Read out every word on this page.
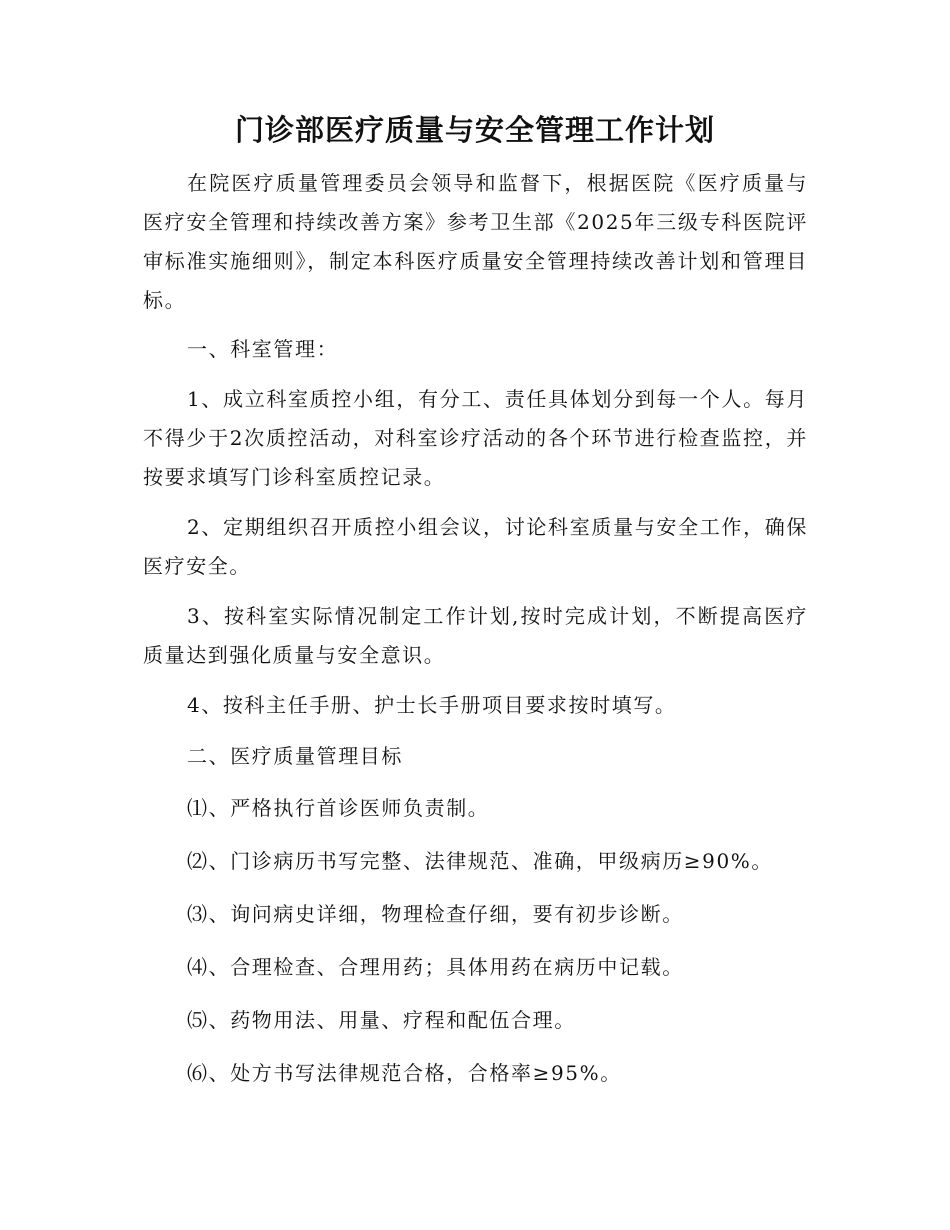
门诊部医疗质量与安全管理工作计划

在院医疗质量管理委员会领导和监督下，根据医院《医疗质量与医疗安全管理和持续改善方案》参考卫生部《2025年三级专科医院评审标准实施细则》，制定本科医疗质量安全管理持续改善计划和管理目标。

一、科室管理：

1、成立科室质控小组，有分工、责任具体划分到每一个人。每月不得少于2次质控活动，对科室诊疗活动的各个环节进行检查监控，并按要求填写门诊科室质控记录。

2、定期组织召开质控小组会议，讨论科室质量与安全工作，确保医疗安全。

3、按科室实际情况制定工作计划,按时完成计划，不断提高医疗质量达到强化质量与安全意识。

4、按科主任手册、护士长手册项目要求按时填写。

二、医疗质量管理目标

⑴、严格执行首诊医师负责制。

⑵、门诊病历书写完整、法律规范、准确，甲级病历≥90%。

⑶、询问病史详细，物理检查仔细，要有初步诊断。

⑷、合理检查、合理用药；具体用药在病历中记载。

⑸、药物用法、用量、疗程和配伍合理。

⑹、处方书写法律规范合格，合格率≥95%。
